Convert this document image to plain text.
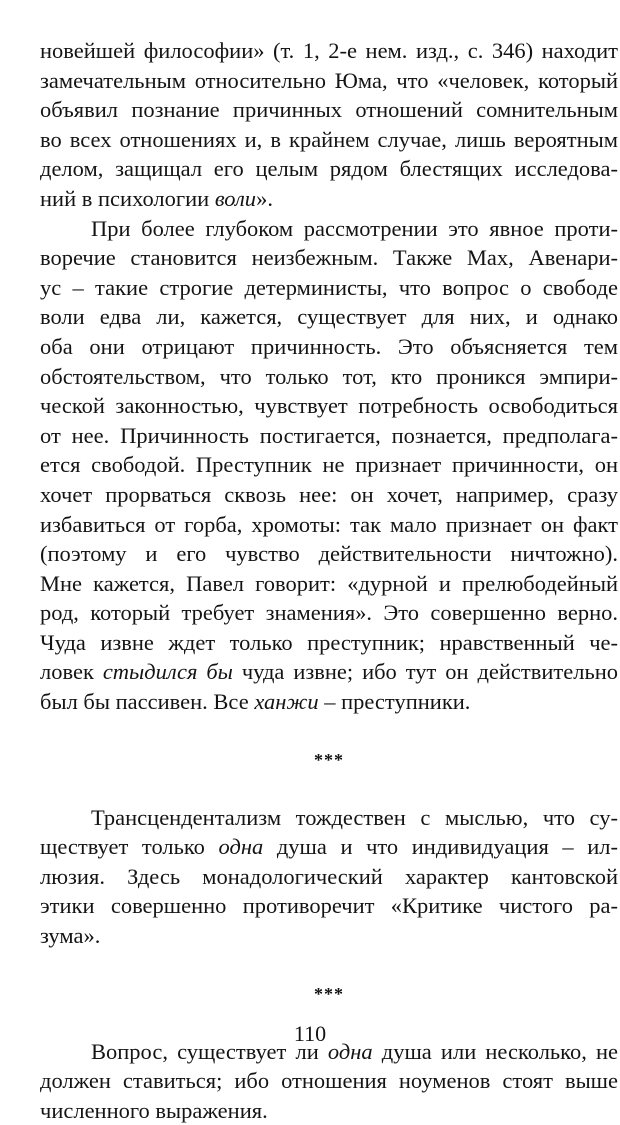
новейшей философии» (т. 1, 2-е нем. изд., с. 346) находит
замечательным относительно Юма, что «человек, который
объявил познание причинных отношений сомнительным
во всех отношениях и, в крайнем случае, лишь вероятным
делом, защищал его целым рядом блестящих исследова-
ний в психологии воли».
При более глубоком рассмотрении это явное проти-
воречие становится неизбежным. Также Мах, Авенари-
ус – такие строгие детерминисты, что вопрос о свободе
воли едва ли, кажется, существует для них, и однако
оба они отрицают причинность. Это объясняется тем
обстоятельством, что только тот, кто проникся эмпири-
ческой законностью, чувствует потребность освободиться
от нее. Причинность постигается, познается, предполага-
ется свободой. Преступник не признает причинности, он
хочет прорваться сквозь нее: он хочет, например, сразу
избавиться от горба, хромоты: так мало признает он факт
(поэтому и его чувство действительности ничтожно).
Мне кажется, Павел говорит: «дурной и прелюбодейный
род, который требует знамения». Это совершенно верно.
Чуда извне ждет только преступник; нравственный че-
ловек стыдился бы чуда извне; ибо тут он действительно
был бы пассивен. Все ханжи – преступники.
***
Трансцендентализм тождествен с мыслью, что су-
ществует только одна душа и что индивидуация – ил-
люзия. Здесь монадологический характер кантовской
этики совершенно противоречит «Критике чистого ра-
зума».
***
Вопрос, существует ли одна душа или несколько, не
должен ставиться; ибо отношения ноуменов стоят выше
численного выражения.
110
